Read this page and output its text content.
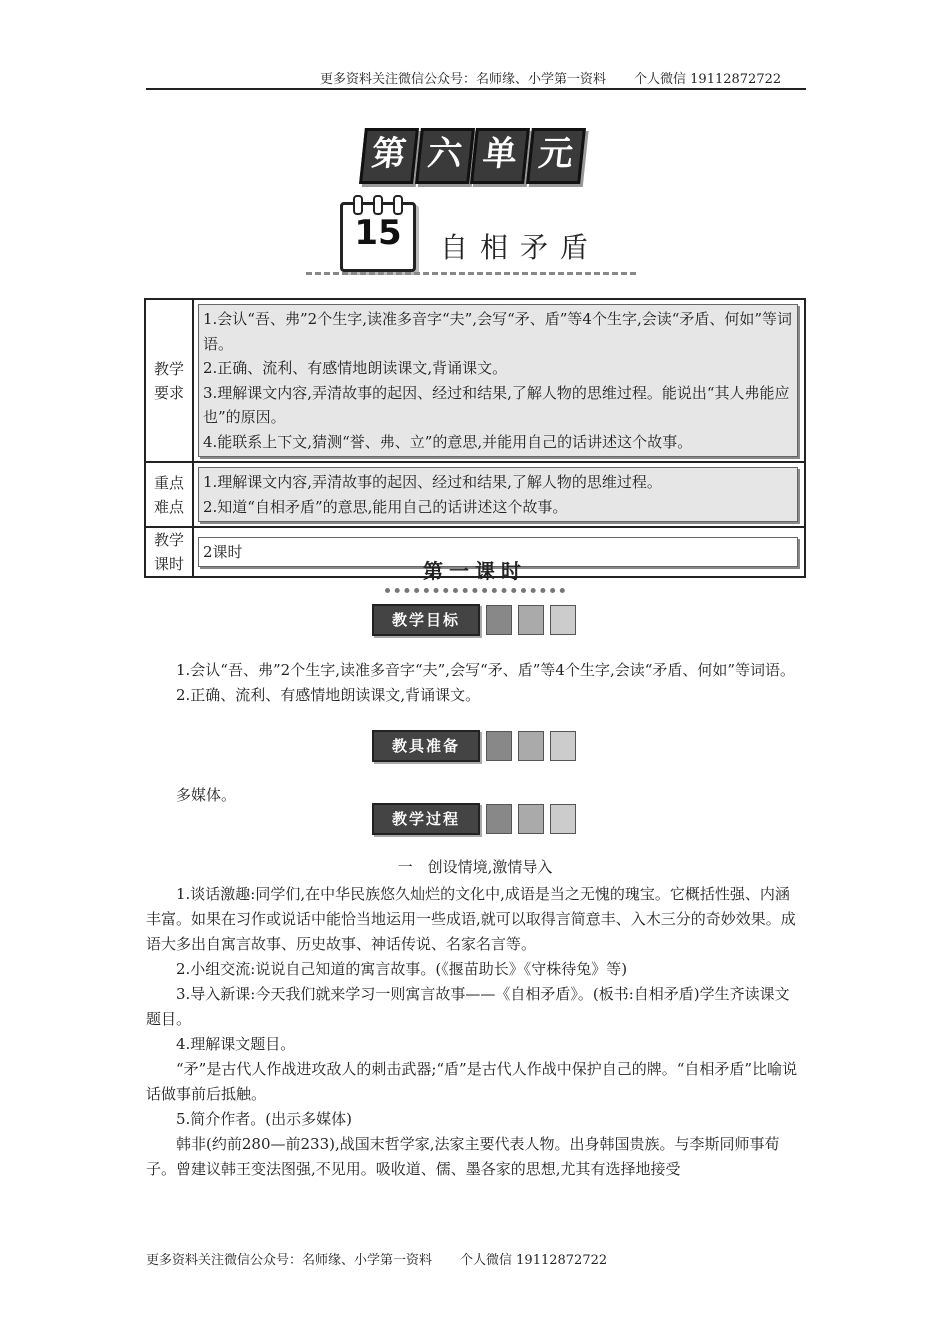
更多资料关注微信公众号：名师缘、小学第一资料 个人微信 19112872722
第 六 单 元
15	自相矛盾
教学要求	1.会认“吾、弗”2个生字,读准多音字“夫”,会写“矛、盾”等4个生字,会读“矛盾、何如”等词语。
2.正确、流利、有感情地朗读课文,背诵课文。
3.理解课文内容,弄清故事的起因、经过和结果,了解人物的思维过程。能说出“其人弗能应也”的原因。
4.能联系上下文,猜测“誉、弗、立”的意思,并能用自己的话讲述这个故事。

重点难点	1.理解课文内容,弄清故事的起因、经过和结果,了解人物的思维过程。
2.知道“自相矛盾”的意思,能用自己的话讲述这个故事。

教学课时	2课时
第一课时
教学目标

1.会认“吾、弗”2个生字,读准多音字“夫”,会写“矛、盾”等4个生字,会读“矛盾、何如”等词语。

2.正确、流利、有感情地朗读课文,背诵课文。

教具准备

多媒体。

教学过程
一　创设情境,激情导入

1.谈话激趣:同学们,在中华民族悠久灿烂的文化中,成语是当之无愧的瑰宝。它概括性强、内涵丰富。如果在习作或说话中能恰当地运用一些成语,就可以取得言简意丰、入木三分的奇妙效果。成语大多出自寓言故事、历史故事、神话传说、名家名言等。

2.小组交流:说说自己知道的寓言故事。(《揠苗助长》《守株待兔》等)

3.导入新课:今天我们就来学习一则寓言故事——《自相矛盾》。(板书:自相矛盾)学生齐读课文题目。

4.理解课文题目。

“矛”是古代人作战进攻敌人的刺击武器;“盾”是古代人作战中保护自己的牌。“自相矛盾”比喻说话做事前后抵触。

5.简介作者。(出示多媒体)

韩非(约前280—前233),战国末哲学家,法家主要代表人物。出身韩国贵族。与李斯同师事荀子。曾建议韩王变法图强,不见用。吸收道、儒、墨各家的思想,尤其有选择地接受

更多资料关注微信公众号：名师缘、小学第一资料 个人微信 19112872722
